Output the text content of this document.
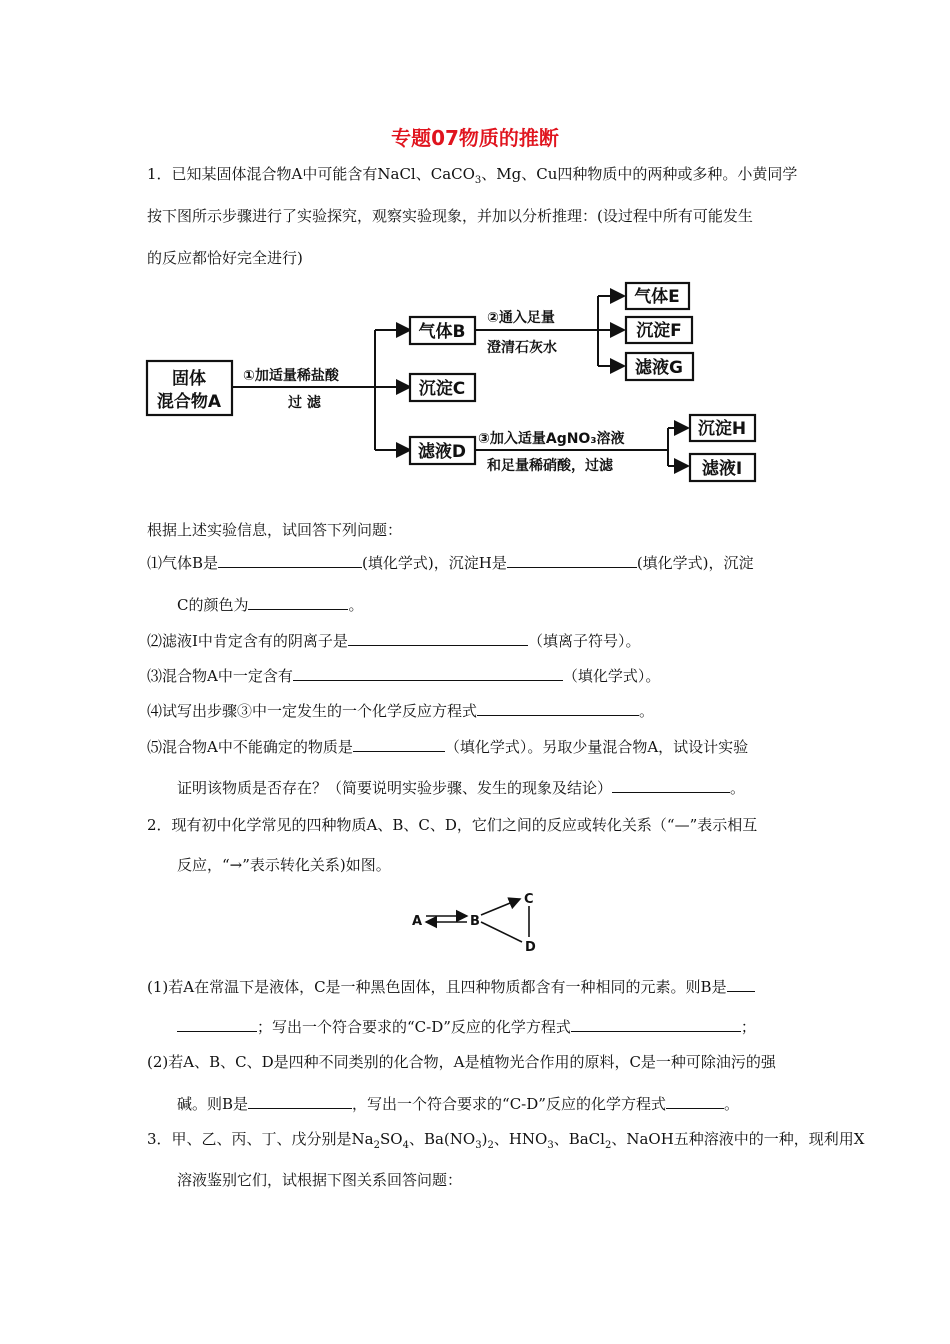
专题07物质的推断
1．已知某固体混合物A中可能含有NaCl、CaCO$_3$、Mg、Cu四种物质中的两种或多种。小黄同学
按下图所示步骤进行了实验探究，观察实验现象，并加以分析推理：(设过程中所有可能发生
的反应都恰好完全进行)
固体
混合物A
①加适量稀盐酸
过 滤
气体B
沉淀C
滤液D
②通入足量
澄清石灰水
气体E
沉淀F
滤液G
③加入适量AgNO₃溶液
和足量稀硝酸，过滤
沉淀H
滤液I
A	B
C
D
根据上述实验信息，试回答下列问题：
⑴气体B是	(填化学式)，沉淀H是	(填化学式)，沉淀
C的颜色为	。
⑵滤液I中肯定含有的阴离子是	（填离子符号）。
⑶混合物A中一定含有	（填化学式）。
⑷试写出步骤③中一定发生的一个化学反应方程式	。
⑸混合物A中不能确定的物质是	（填化学式）。另取少量混合物A，试设计实验
证明该物质是否存在？（简要说明实验步骤、发生的现象及结论）	。
2．现有初中化学常见的四种物质A、B、C、D，它们之间的反应或转化关系（“—”表示相互
反应，“→”表示转化关系)如图。
(1)若A在常温下是液体，C是一种黑色固体，且四种物质都含有一种相同的元素。则B是
；写出一个符合要求的“C-D”反应的化学方程式	；
(2)若A、B、C、D是四种不同类别的化合物，A是植物光合作用的原料，C是一种可除油污的强
碱。则B是	，写出一个符合要求的“C-D”反应的化学方程式	。
3．甲、乙、丙、丁、戊分别是$Na_2SO_4$、$Ba(NO_3)_2$、$HNO_3$、BaCl$_2$、NaOH五种溶液中的一种，现利用X
溶液鉴别它们，试根据下图关系回答问题：
